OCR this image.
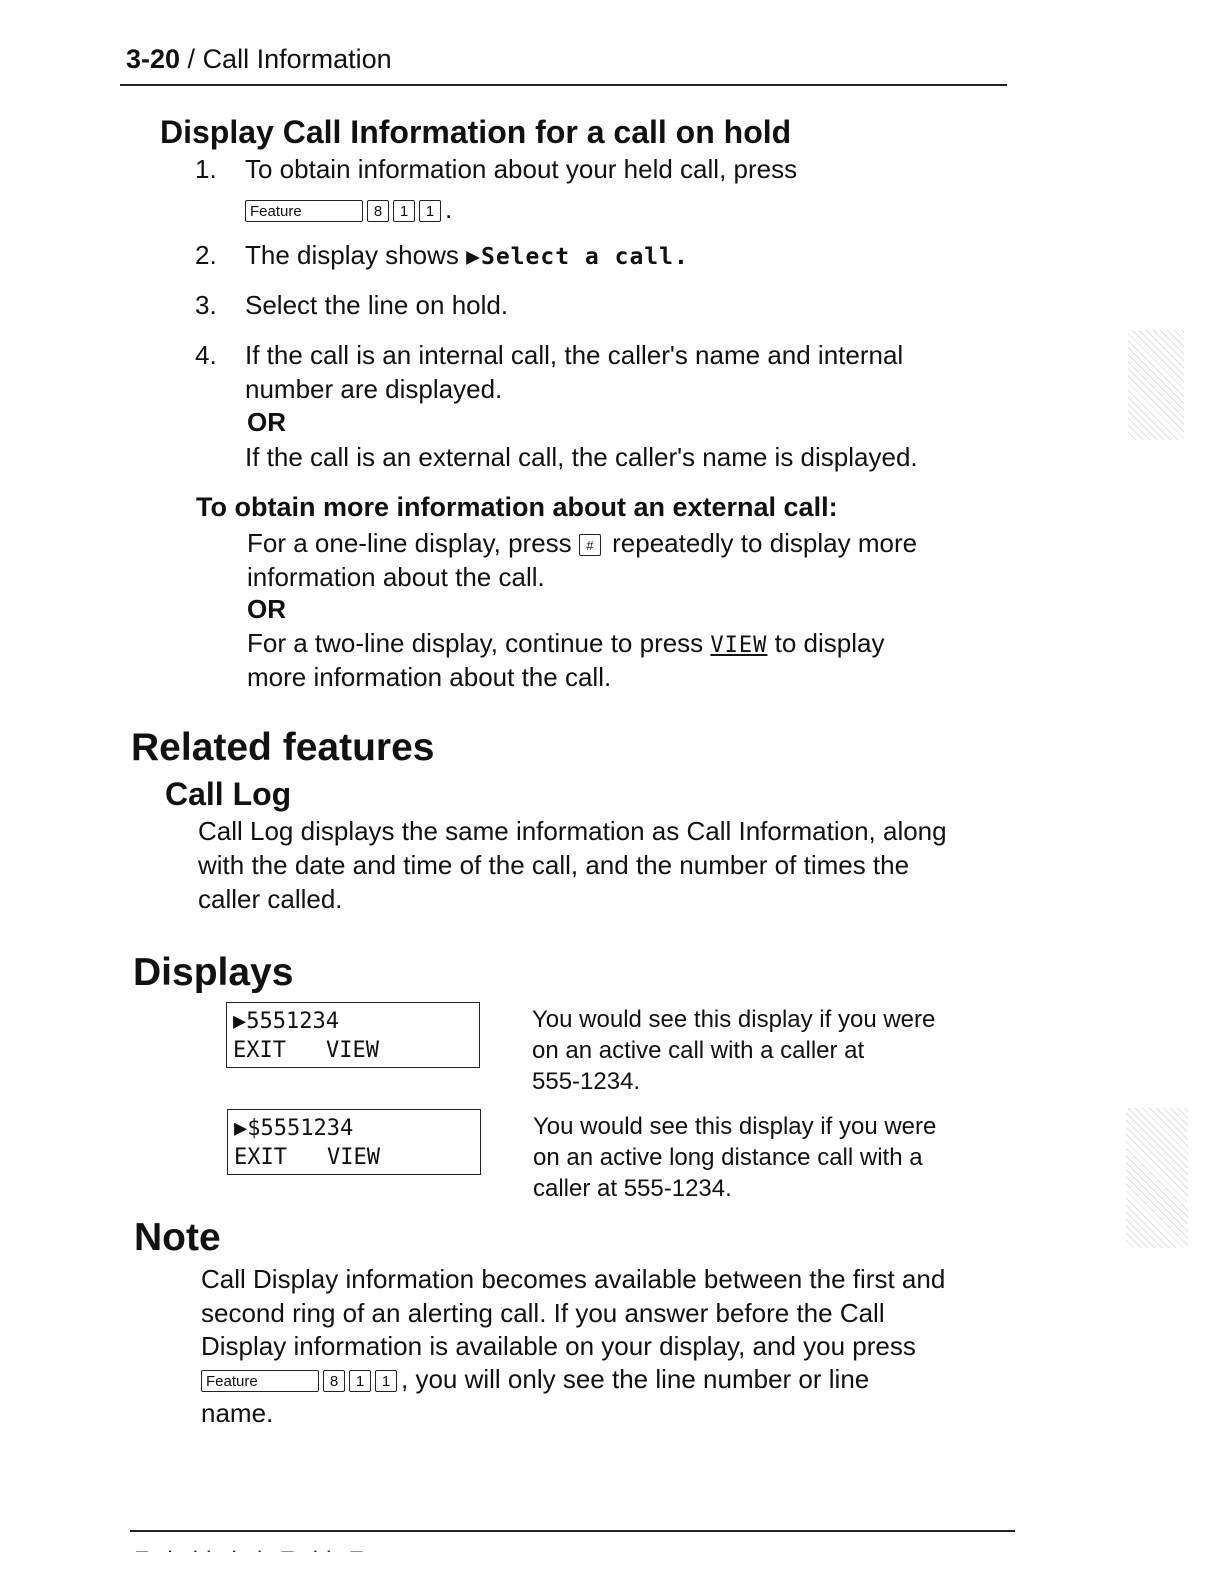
3-20 / Call Information
Display Call Information for a call on hold
1.	To obtain information about your held call, press
Feature	8 1 1 .
2.	The display shows ▶Select a call.
3.	Select the line on hold.
4.	If the call is an internal call, the caller's name and internal
number are displayed.
OR
If the call is an external call, the caller's name is displayed.
To obtain more information about an external call:
For a one-line display, press # repeatedly to display more
information about the call.
OR
For a two-line display, continue to press VIEW to display
more information about the call.
Related features
Call Log
Call Log displays the same information as Call Information, along
with the date and time of the call, and the number of times the
caller called.
Displays
▶5551234
EXIT VIEW
You would see this display if you were
on an active call with a caller at
555-1234.
▶$5551234
EXIT VIEW
You would see this display if you were
on an active long distance call with a
caller at 555-1234.
Note
Call Display information becomes available between the first and
second ring of an alerting call. If you answer before the Call
Display information is available on your display, and you press
Feature	8 1 1 , you will only see the line number or line
name.
– · ·· · · – ·· –
